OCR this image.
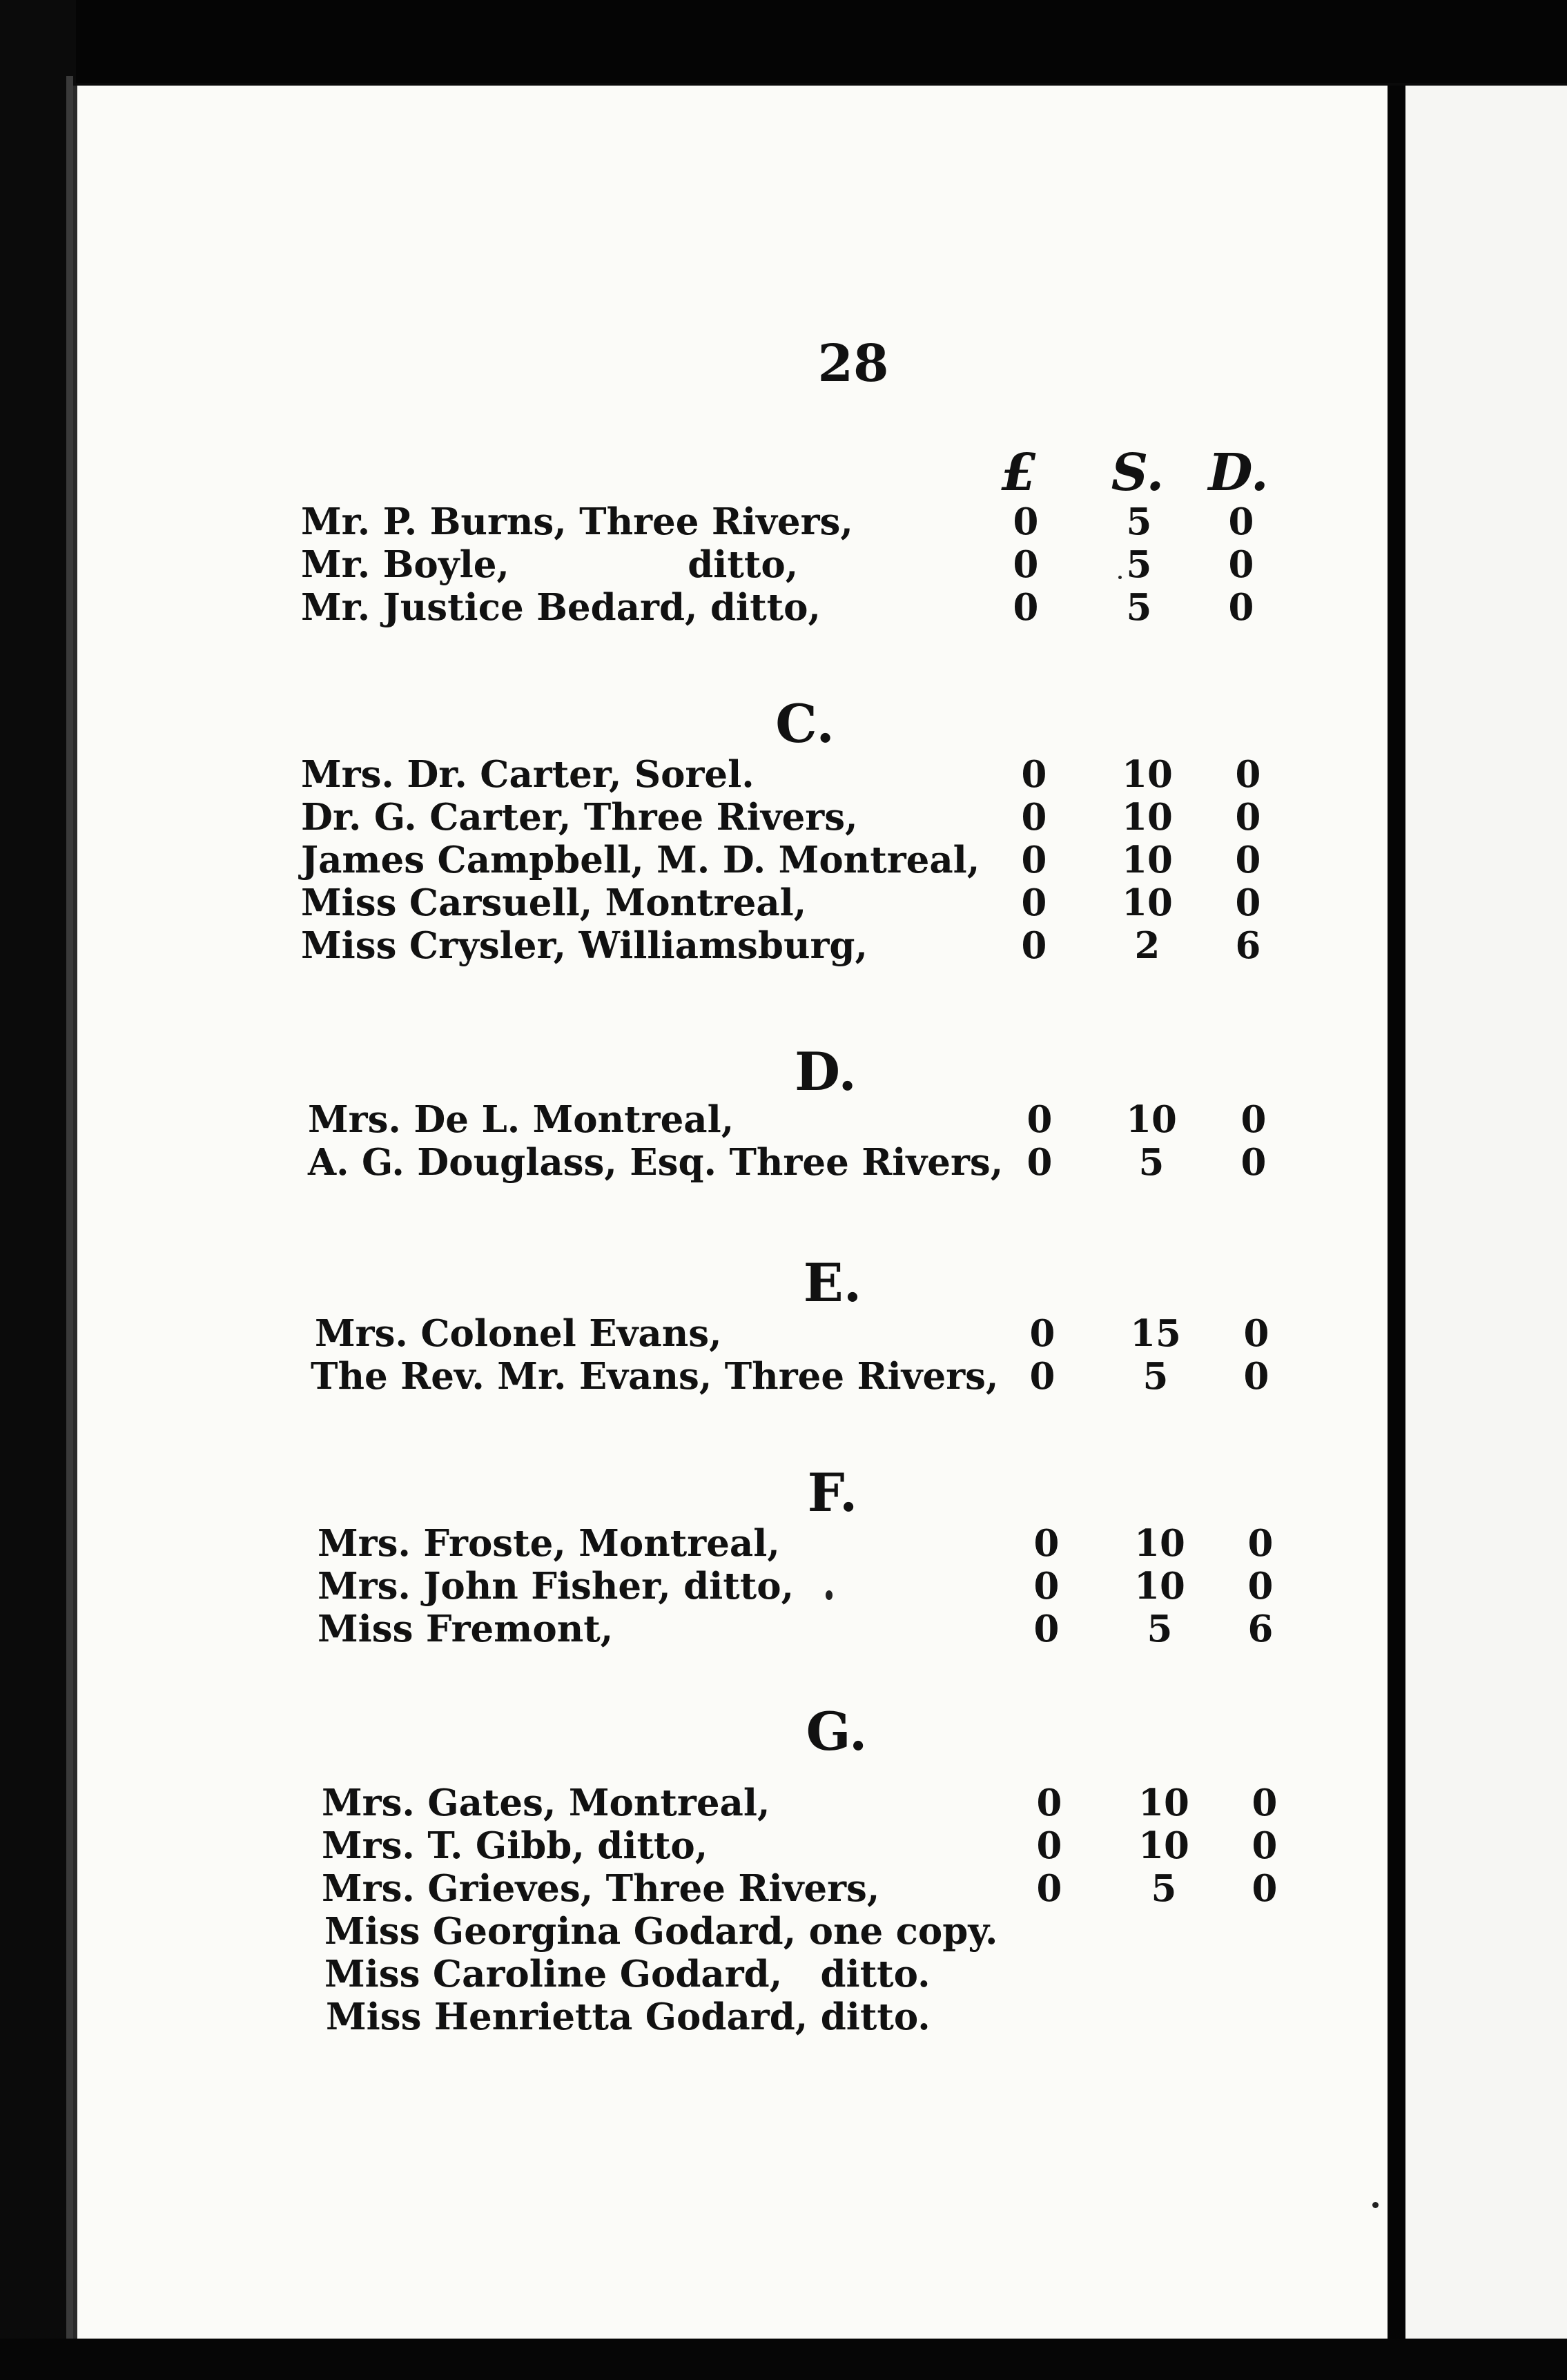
28
£	S. D.
Mr. P. Burns, Three Rivers,	0	5	0
Mr. Boyle,              ditto,	0	5	0
Mr. Justice Bedard, ditto,	0	5	0
C.
Mrs. Dr. Carter, Sorel.	0	10	0
Dr. G. Carter, Three Rivers,	0	10	0
James Campbell, M. D. Montreal,	0	10	0
Miss Carsuell, Montreal,	0	10	0
Miss Crysler, Williamsburg,	0	2	6
D.
Mrs. De L. Montreal,	0	10	0
A. G. Douglass, Esq. Three Rivers, 0	5	0
E.
Mrs. Colonel Evans,	0	15	0
The Rev. Mr. Evans, Three Rivers, 0	5	0
F.
Mrs. Froste, Montreal,	0	10	0
Mrs. John Fisher, ditto,	0	10	0
Miss Fremont,	0	5	6
G.
Mrs. Gates, Montreal,	0	10	0
Mrs. T. Gibb, ditto,	0	10	0
Mrs. Grieves, Three Rivers,	0	5	0
Miss Georgina Godard, one copy.
Miss Caroline Godard,   ditto.
Miss Henrietta Godard, ditto.
